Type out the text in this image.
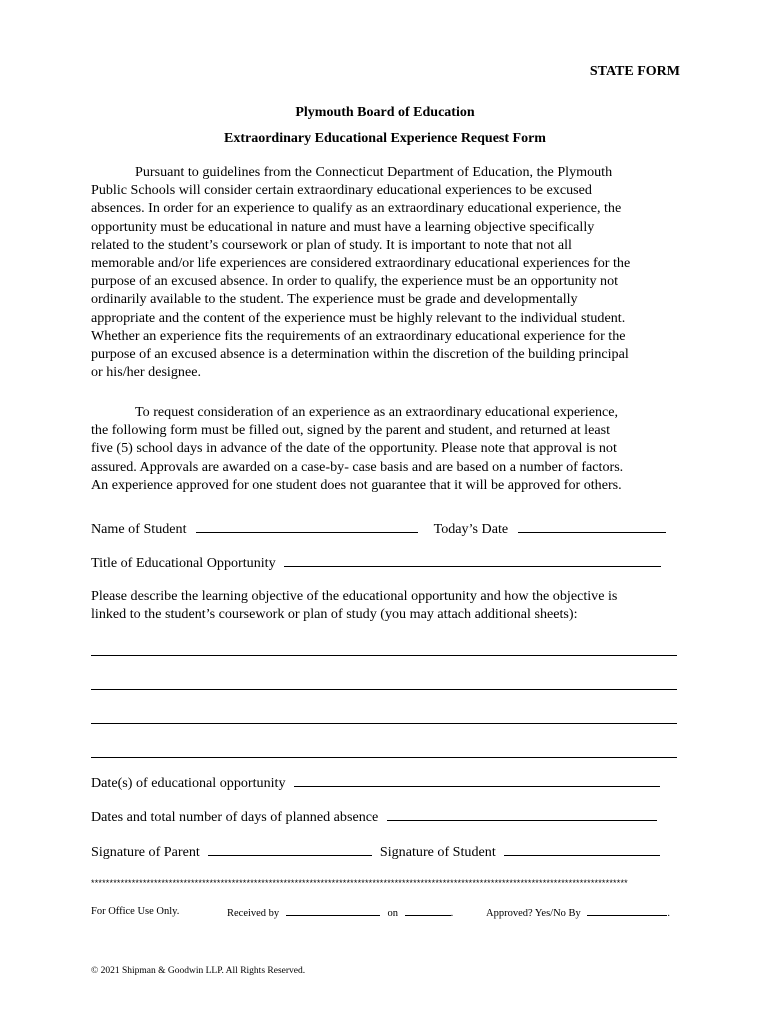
STATE FORM
Plymouth Board of Education
Extraordinary Educational Experience Request Form

Pursuant to guidelines from the Connecticut Department of Education, the Plymouth
Public Schools will consider certain extraordinary educational experiences to be excused
absences. In order for an experience to qualify as an extraordinary educational experience, the
opportunity must be educational in nature and must have a learning objective specifically
related to the student’s coursework or plan of study. It is important to note that not all
memorable and/or life experiences are considered extraordinary educational experiences for the
purpose of an excused absence. In order to qualify, the experience must be an opportunity not
ordinarily available to the student. The experience must be grade and developmentally
appropriate and the content of the experience must be highly relevant to the individual student.
Whether an experience fits the requirements of an extraordinary educational experience for the
purpose of an excused absence is a determination within the discretion of the building principal
or his/her designee.

To request consideration of an experience as an extraordinary educational experience,
the following form must be filled out, signed by the parent and student, and returned at least
five (5) school days in advance of the date of the opportunity. Please note that approval is not
assured. Approvals are awarded on a case-by- case basis and are based on a number of factors.
An experience approved for one student does not guarantee that it will be approved for others.

Name of Student	Today’s Date
Title of Educational Opportunity
Please describe the learning objective of the educational opportunity and how the objective is
linked to the student’s coursework or plan of study (you may attach additional sheets):
Date(s) of educational opportunity
Dates and total number of days of planned absence
Signature of Parent	Signature of Student
*************************************************************************************************************************************************
For Office Use Only.	Received by	on	.	Approved? Yes/No By	.
© 2021 Shipman & Goodwin LLP. All Rights Reserved.
